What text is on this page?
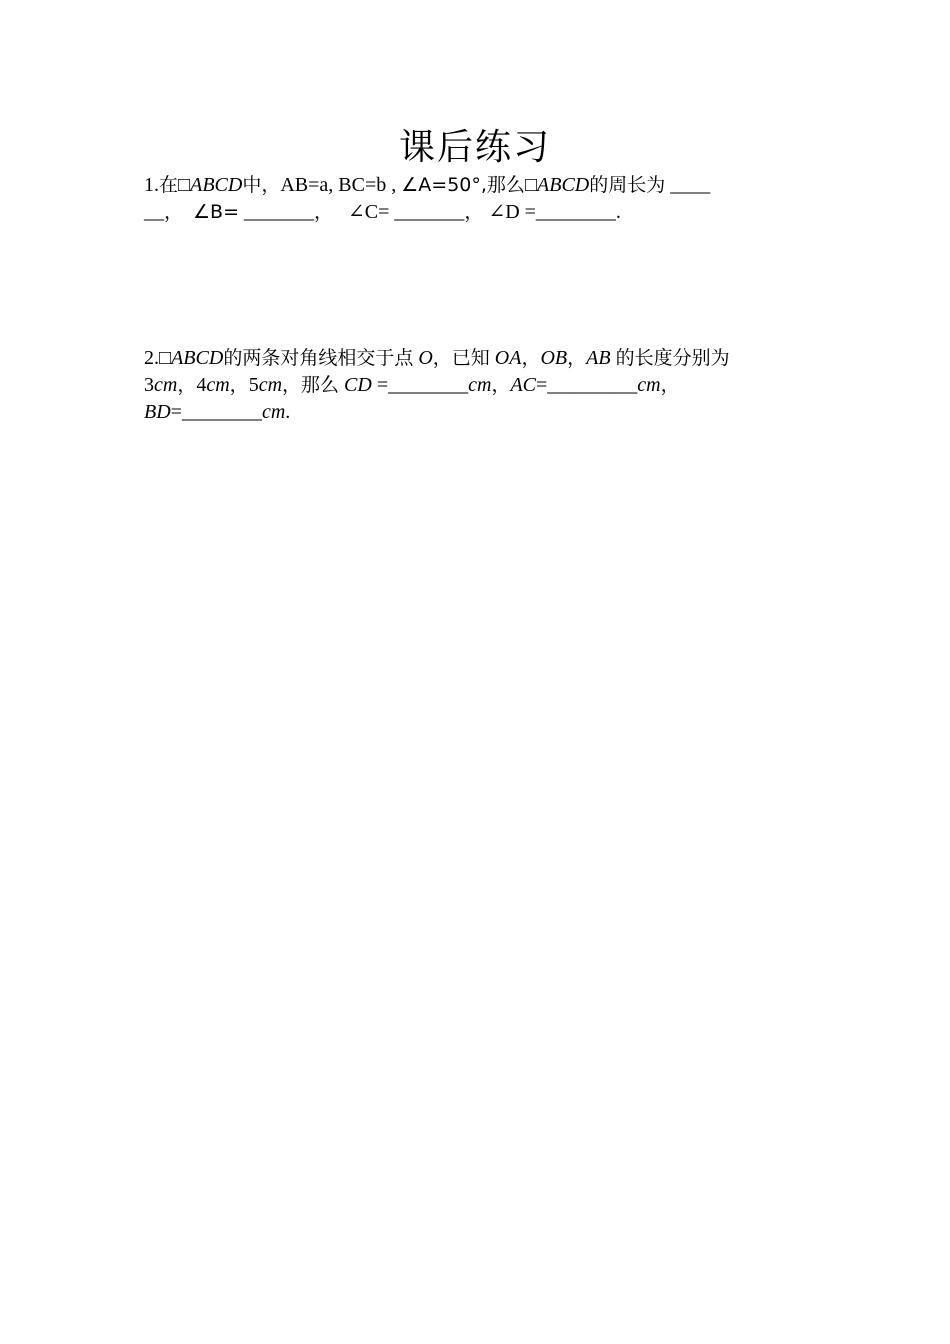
课后练习
1.在□ABCD中，AB=a, BC=b , ∠A=50°,那么□ABCD的周长为 ____
__， ∠B= _______， ∠C= _______， ∠D =________.
2.□ABCD的两条对角线相交于点 O，已知 OA，OB，AB 的长度分别为
3cm，4cm，5cm，那么 CD =________cm，AC=_________cm，
BD=________cm.
